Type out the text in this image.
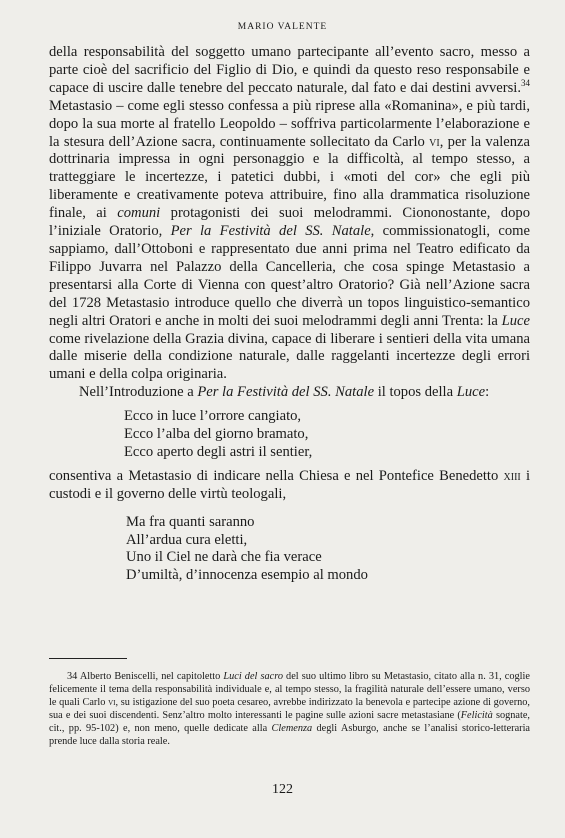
MARIO VALENTE

della responsabilità del soggetto umano partecipante all’evento sacro, messo a parte cioè del sacrificio del Figlio di Dio, e quindi da questo reso responsabile e capace di uscire dalle tenebre del peccato naturale, dal fato e dai destini avversi.$^{34}$ Metastasio – come egli stesso confessa a più riprese alla «Romanina», e più tardi, dopo la sua morte al fratello Leopoldo – soffriva particolarmente l’elaborazione e la stesura dell’Azione sacra, continuamente sollecitato da Carlo vi, per la valenza dottrinaria impressa in ogni personaggio e la difficoltà, al tempo stesso, a tratteggiare le incertezze, i patetici dubbi, i «moti del cor» che egli più liberamente e creativamente poteva attribuire, fino alla drammatica risoluzione finale, ai comuni protagonisti dei suoi melodrammi. Ciononostante, dopo l’iniziale Oratorio, Per la Festività del SS. Natale, commissionatogli, come sappiamo, dall’Ottoboni e rappresentato due anni prima nel Teatro edificato da Filippo Juvarra nel Palazzo della Cancelleria, che cosa spinge Metastasio a presentarsi alla Corte di Vienna con quest’altro Oratorio? Già nell’Azione sacra del 1728 Metastasio introduce quello che diverrà un topos linguistico-semantico negli altri Oratori e anche in molti dei suoi melodrammi degli anni Trenta: la Luce come rivelazione della Grazia divina, capace di liberare i sentieri della vita umana dalle miserie della condizione naturale, dalle raggelanti incertezze degli errori umani e della colpa originaria.

Nell’Introduzione a Per la Festività del SS. Natale il topos della Luce:

Ecco in luce l’orrore cangiato,
Ecco l’alba del giorno bramato,
Ecco aperto degli astri il sentier,

consentiva a Metastasio di indicare nella Chiesa e nel Pontefice Benedetto xiii i custodi e il governo delle virtù teologali,

Ma fra quanti saranno
All’ardua cura eletti,
Uno il Ciel ne darà che fia verace
D’umiltà, d’innocenza esempio al mondo

34 Alberto Beniscelli, nel capitoletto Luci del sacro del suo ultimo libro su Metastasio, citato alla n. 31, coglie felicemente il tema della responsabilità individuale e, al tempo stesso, la fragilità naturale dell’essere umano, verso le quali Carlo vi, su istigazione del suo poeta cesareo, avrebbe indirizzato la benevola e partecipe azione di governo, sua e dei suoi discendenti. Senz’altro molto interessanti le pagine sulle azioni sacre metastasiane (Felicità sognate, cit., pp. 95-102) e, non meno, quelle dedicate alla Clemenza degli Asburgo, anche se l’analisi storico-letteraria prende luce dalla storia reale.

122
